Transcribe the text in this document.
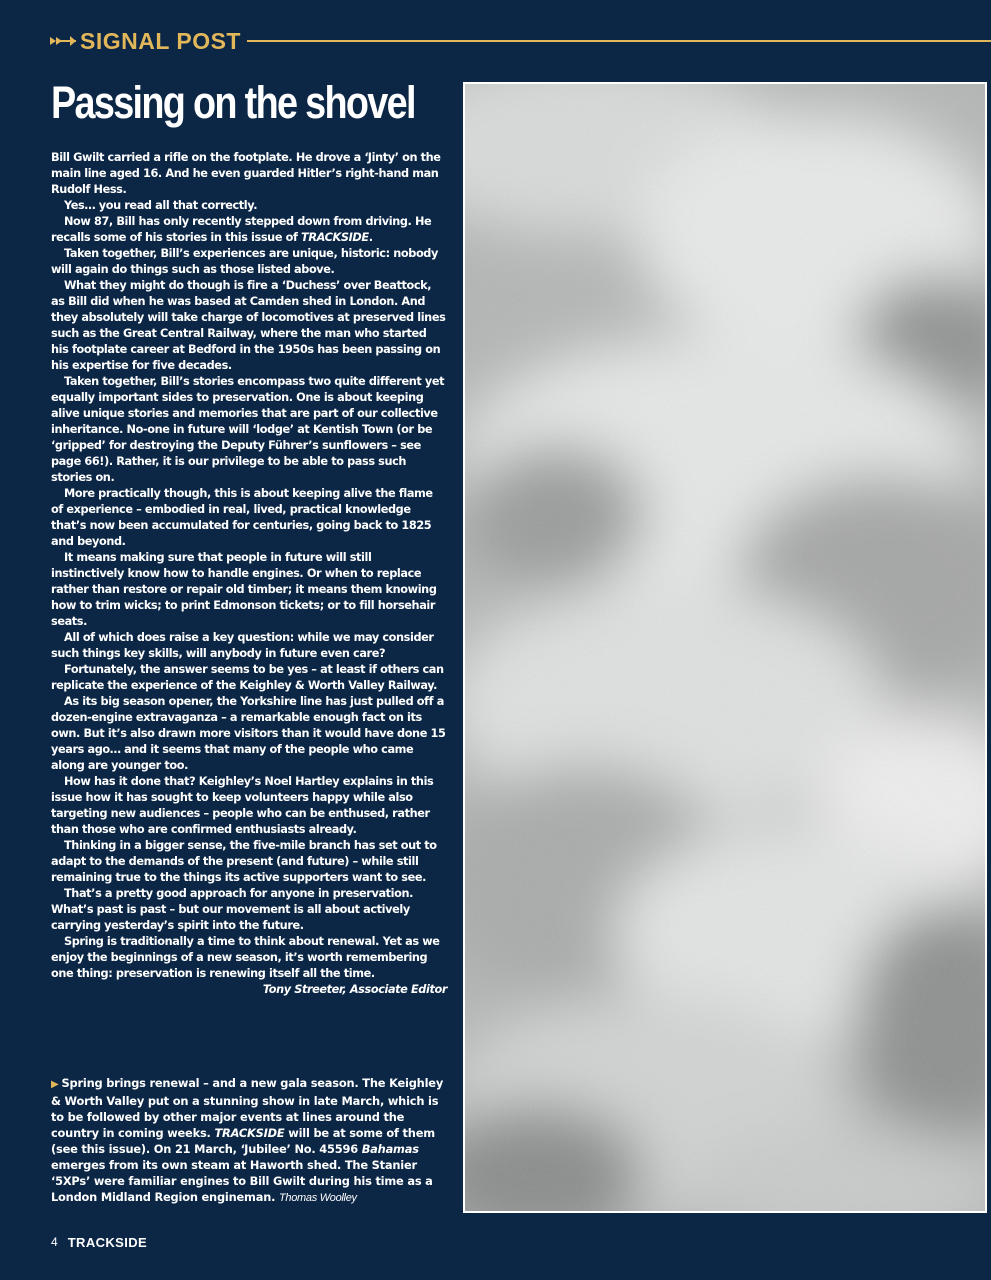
SIGNAL POST
Passing on the shovel

Bill Gwilt carried a rifle on the footplate. He drove a ‘Jinty’ on the main line aged 16. And he even guarded Hitler’s right-hand man Rudolf Hess.

Yes… you read all that correctly.

Now 87, Bill has only recently stepped down from driving. He recalls some of his stories in this issue of TRACKSIDE.

Taken together, Bill’s experiences are unique, historic: nobody will again do things such as those listed above.

What they might do though is fire a ‘Duchess’ over Beattock, as Bill did when he was based at Camden shed in London. And they absolutely will take charge of locomotives at preserved lines such as the Great Central Railway, where the man who started his footplate career at Bedford in the 1950s has been passing on his expertise for five decades.

Taken together, Bill’s stories encompass two quite different yet equally important sides to preservation. One is about keeping alive unique stories and memories that are part of our collective inheritance. No-one in future will ‘lodge’ at Kentish Town (or be ‘gripped’ for destroying the Deputy Führer’s sunflowers – see page 66!). Rather, it is our privilege to be able to pass such stories on.

More practically though, this is about keeping alive the flame of experience – embodied in real, lived, practical knowledge that’s now been accumulated for centuries, going back to 1825 and beyond.

It means making sure that people in future will still instinctively know how to handle engines. Or when to replace rather than restore or repair old timber; it means them knowing how to trim wicks; to print Edmonson tickets; or to fill horsehair seats.

All of which does raise a key question: while we may consider such things key skills, will anybody in future even care?

Fortunately, the answer seems to be yes – at least if others can replicate the experience of the Keighley & Worth Valley Railway.

As its big season opener, the Yorkshire line has just pulled off a dozen-engine extravaganza – a remarkable enough fact on its own. But it’s also drawn more visitors than it would have done 15 years ago… and it seems that many of the people who came along are younger too.

How has it done that? Keighley’s Noel Hartley explains in this issue how it has sought to keep volunteers happy while also targeting new audiences – people who can be enthused, rather than those who are confirmed enthusiasts already.

Thinking in a bigger sense, the five-mile branch has set out to adapt to the demands of the present (and future) – while still remaining true to the things its active supporters want to see.

That’s a pretty good approach for anyone in preservation. What’s past is past – but our movement is all about actively carrying yesterday’s spirit into the future.

Spring is traditionally a time to think about renewal. Yet as we enjoy the beginnings of a new season, it’s worth remembering one thing: preservation is renewing itself all the time.

Tony Streeter, Associate Editor

▶ Spring brings renewal – and a new gala season. The Keighley & Worth Valley put on a stunning show in late March, which is to be followed by other major events at lines around the country in coming weeks. TRACKSIDE will be at some of them (see this issue). On 21 March, ‘Jubilee’ No. 45596 Bahamas emerges from its own steam at Haworth shed. The Stanier ‘5XPs’ were familiar engines to Bill Gwilt during his time as a London Midland Region engineman. Thomas Woolley
4 TRACKSIDE
